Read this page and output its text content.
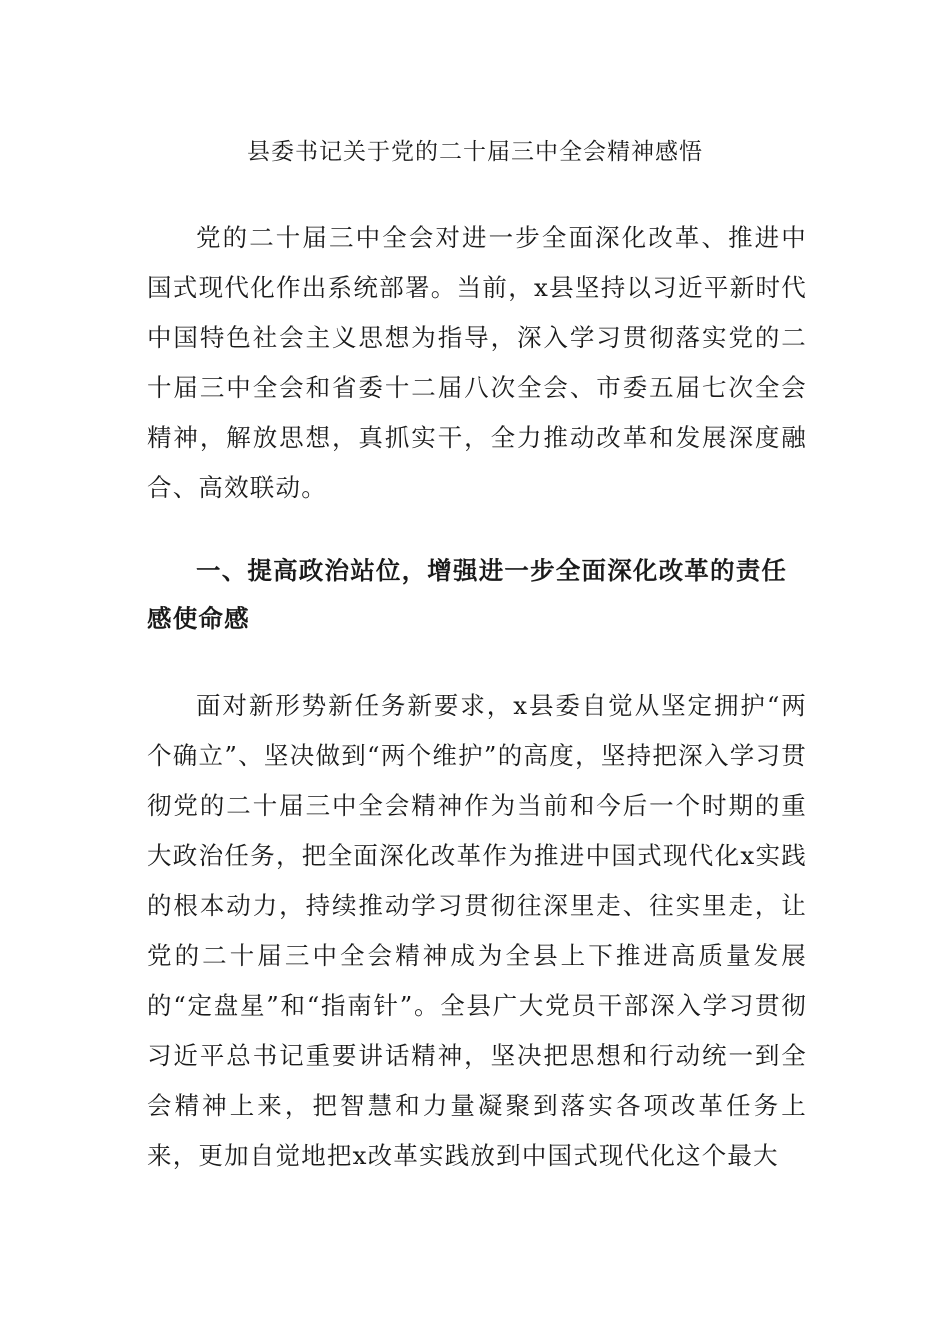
县委书记关于党的二十届三中全会精神感悟

党的二十届三中全会对进一步全面深化改革、推进中国式现代化作出系统部署。当前，x县坚持以习近平新时代中国特色社会主义思想为指导，深入学习贯彻落实党的二十届三中全会和省委十二届八次全会、市委五届七次全会精神，解放思想，真抓实干，全力推动改革和发展深度融合、高效联动。

一、提高政治站位，增强进一步全面深化改革的责任感使命感

面对新形势新任务新要求，x县委自觉从坚定拥护“两个确立”、坚决做到“两个维护”的高度，坚持把深入学习贯彻党的二十届三中全会精神作为当前和今后一个时期的重大政治任务，把全面深化改革作为推进中国式现代化x实践的根本动力，持续推动学习贯彻往深里走、往实里走，让党的二十届三中全会精神成为全县上下推进高质量发展的“定盘星”和“指南针”。全县广大党员干部深入学习贯彻习近平总书记重要讲话精神，坚决把思想和行动统一到全会精神上来，把智慧和力量凝聚到落实各项改革任务上来，更加自觉地把x改革实践放到中国式现代化这个最大
